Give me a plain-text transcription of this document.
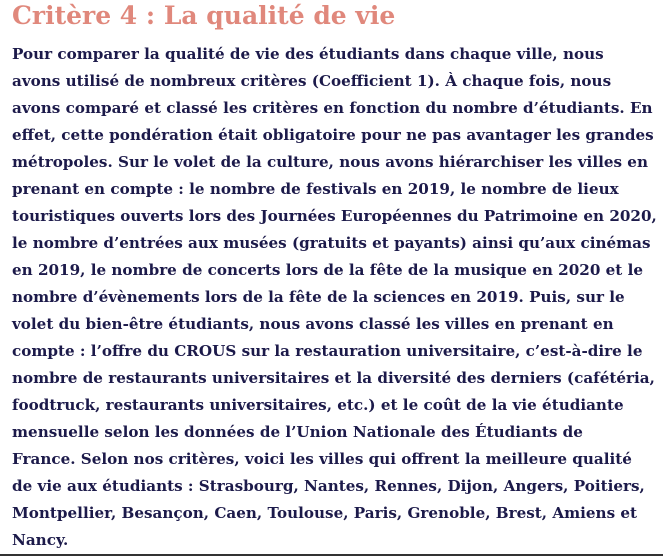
Critère 4 : La qualité de vie

Pour comparer la qualité de vie des étudiants dans chaque ville, nous
avons utilisé de nombreux critères (Coefficient 1). À chaque fois, nous
avons comparé et classé les critères en fonction du nombre d’étudiants. En
effet, cette pondération était obligatoire pour ne pas avantager les grandes
métropoles. Sur le volet de la culture, nous avons hiérarchiser les villes en
prenant en compte : le nombre de festivals en 2019, le nombre de lieux
touristiques ouverts lors des Journées Européennes du Patrimoine en 2020,
le nombre d’entrées aux musées (gratuits et payants) ainsi qu’aux cinémas
en 2019, le nombre de concerts lors de la fête de la musique en 2020 et le
nombre d’évènements lors de la fête de la sciences en 2019. Puis, sur le
volet du bien-être étudiants, nous avons classé les villes en prenant en
compte : l’offre du CROUS sur la restauration universitaire, c’est-à-dire le
nombre de restaurants universitaires et la diversité des derniers (cafétéria,
foodtruck, restaurants universitaires, etc.) et le coût de la vie étudiante
mensuelle selon les données de l’Union Nationale des Étudiants de
France. Selon nos critères, voici les villes qui offrent la meilleure qualité
de vie aux étudiants : Strasbourg, Nantes, Rennes, Dijon, Angers, Poitiers,
Montpellier, Besançon, Caen, Toulouse, Paris, Grenoble, Brest, Amiens et
Nancy.
